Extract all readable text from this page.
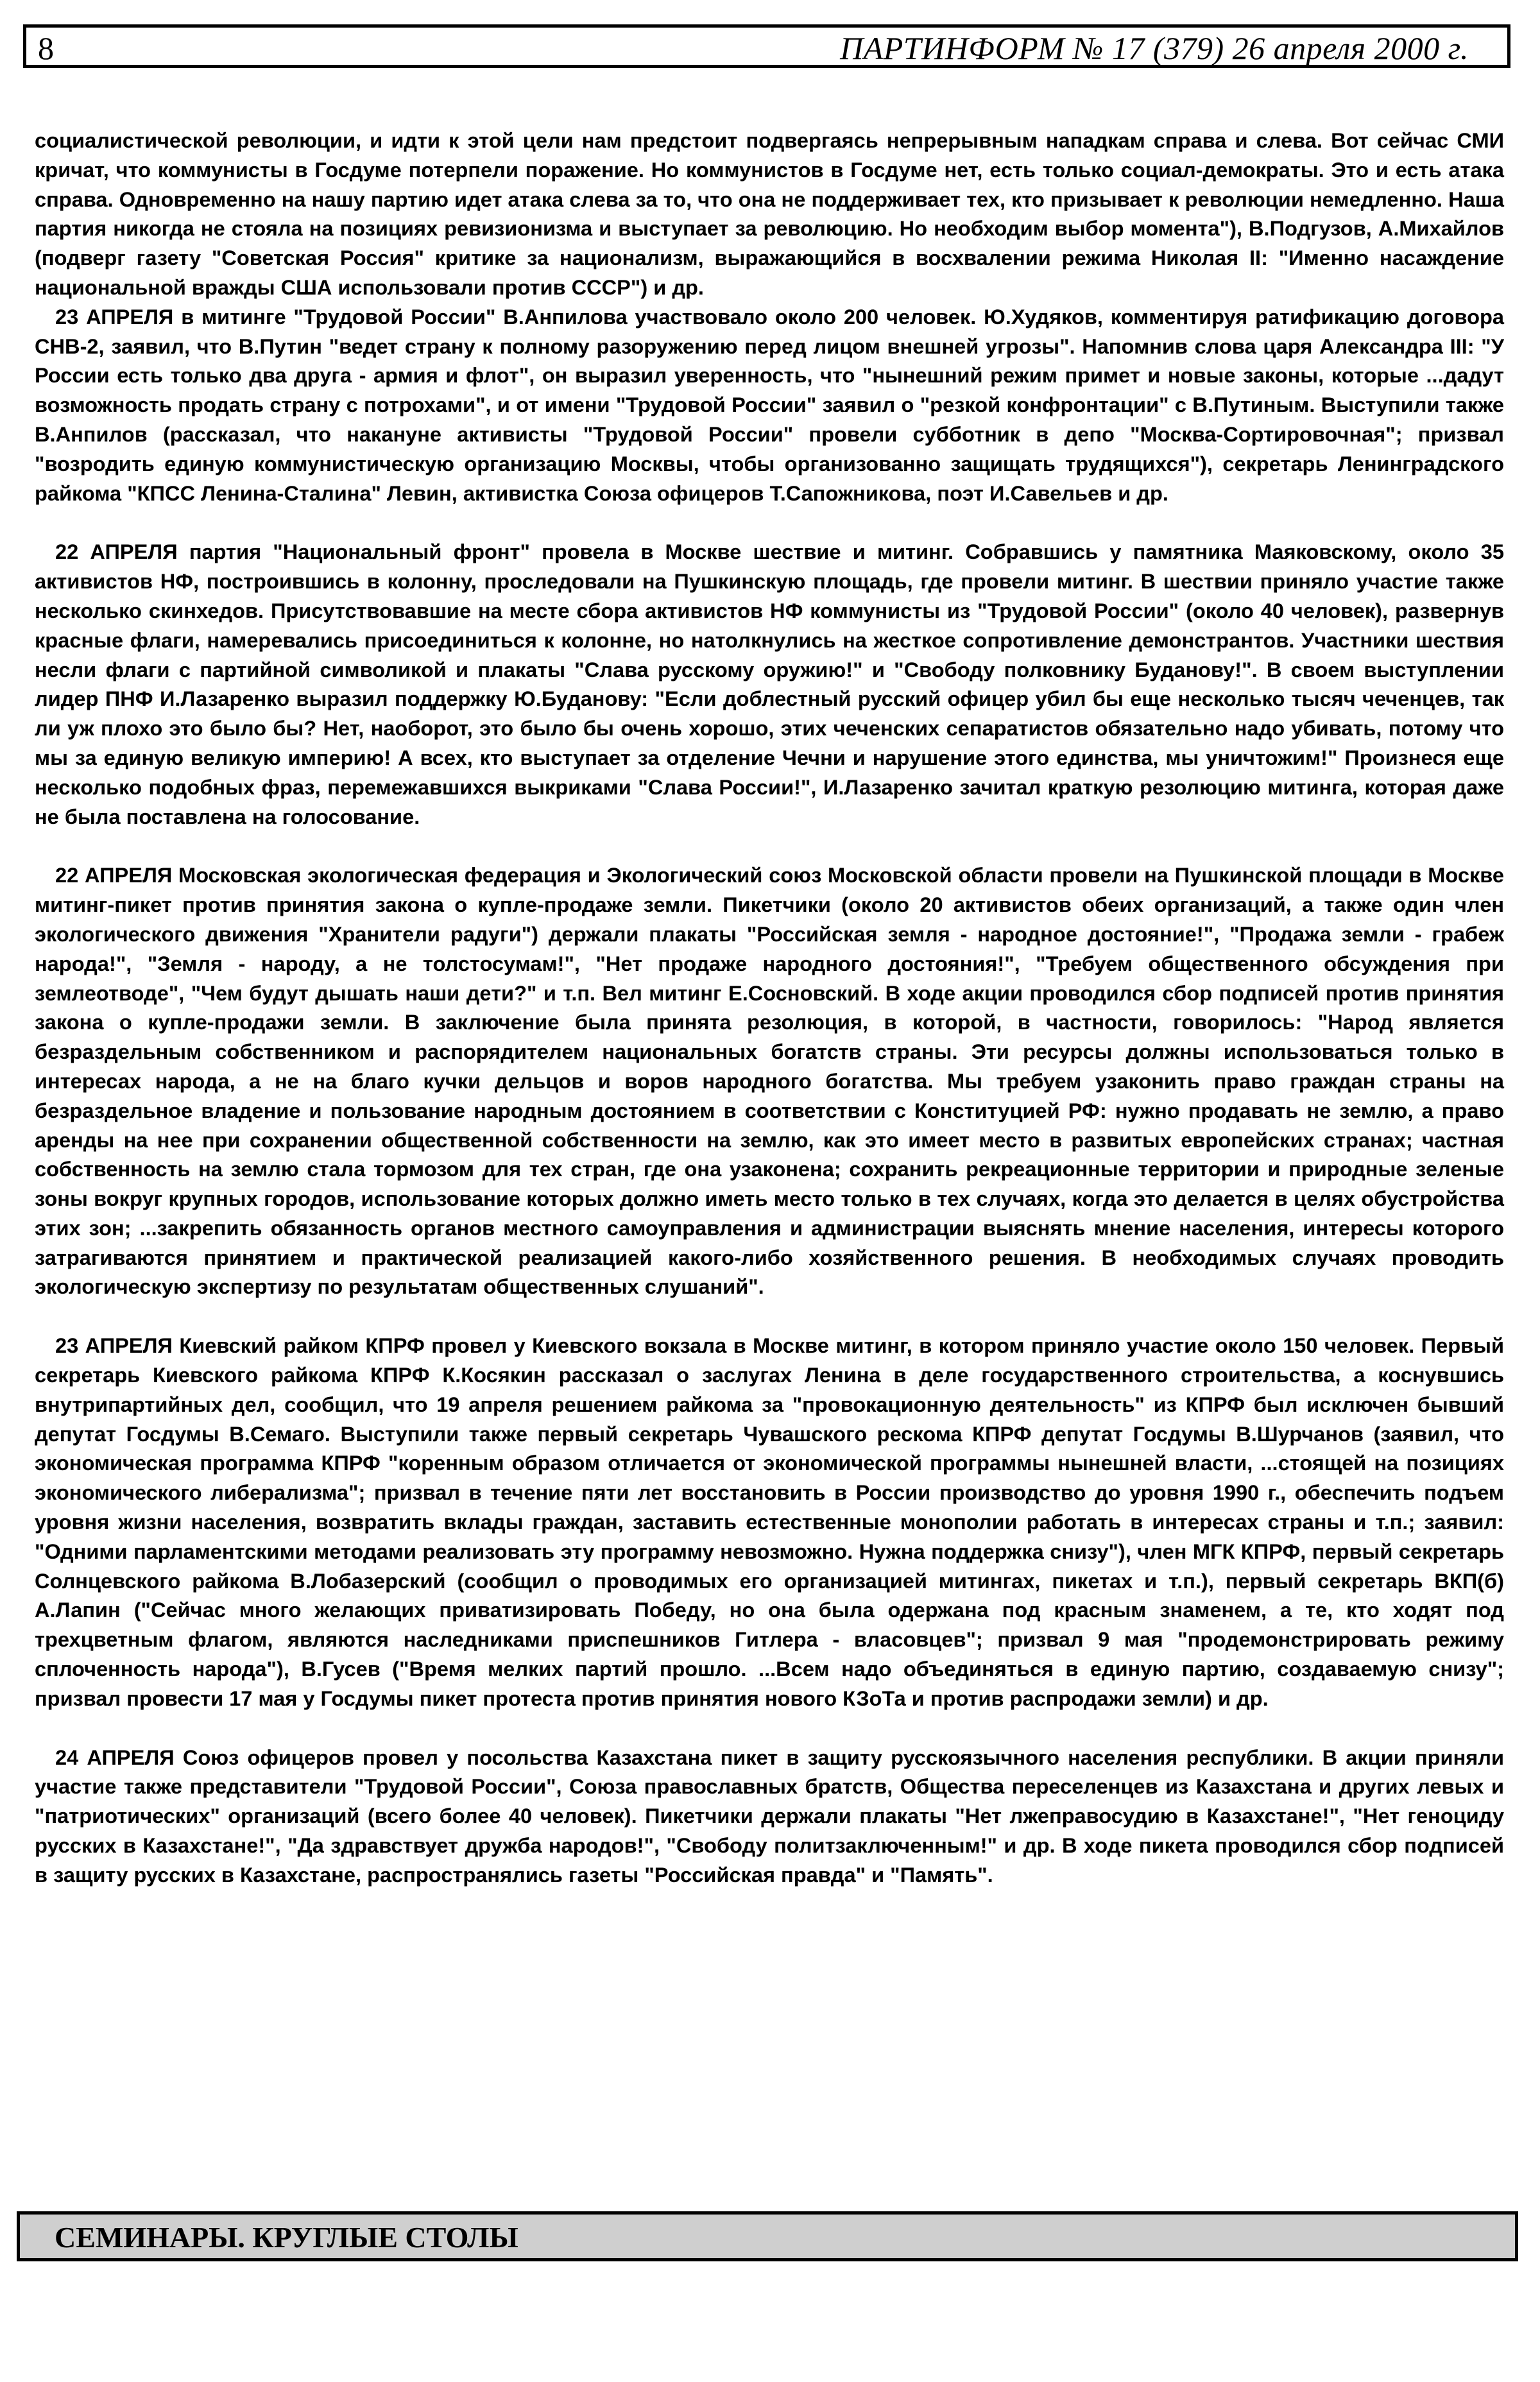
8	ПАРТИНФОРМ № 17 (379) 26 апреля 2000 г.

социалистической революции, и идти к этой цели нам предстоит подвергаясь непрерывным нападкам справа и слева. Вот сейчас СМИ кричат, что коммунисты в Госдуме потерпели поражение. Но коммунистов в Госдуме нет, есть только социал-демократы. Это и есть атака справа. Одновременно на нашу партию идет атака слева за то, что она не поддерживает тех, кто призывает к революции немедленно. Наша партия никогда не стояла на позициях ревизионизма и выступает за революцию. Но необходим выбор момента"), В.Подгузов, А.Михайлов (подверг газету "Советская Россия" критике за национализм, выражающийся в восхвалении режима Николая II: "Именно насаждение национальной вражды США использовали против СССР") и др.

23 АПРЕЛЯ в митинге "Трудовой России" В.Анпилова участвовало около 200 человек. Ю.Худяков, комментируя ратификацию договора СНВ-2, заявил, что В.Путин "ведет страну к полному разоружению перед лицом внешней угрозы". Напомнив слова царя Александра III: "У России есть только два друга - армия и флот", он выразил уверенность, что "нынешний режим примет и новые законы, которые ...дадут возможность продать страну с потрохами", и от имени "Трудовой России" заявил о "резкой конфронтации" с В.Путиным. Выступили также В.Анпилов (рассказал, что накануне активисты "Трудовой России" провели субботник в депо "Москва-Сортировочная"; призвал "возродить единую коммунистическую организацию Москвы, чтобы организованно защищать трудящихся"), секретарь Ленинградского райкома "КПСС Ленина-Сталина" Левин, активистка Союза офицеров Т.Сапожникова, поэт И.Савельев и др.

22 АПРЕЛЯ партия "Национальный фронт" провела в Москве шествие и митинг. Собравшись у памятника Маяковскому, около 35 активистов НФ, построившись в колонну, проследовали на Пушкинскую площадь, где провели митинг. В шествии приняло участие также несколько скинхедов. Присутствовавшие на месте сбора активистов НФ коммунисты из "Трудовой России" (около 40 человек), развернув красные флаги, намеревались присоединиться к колонне, но натолкнулись на жесткое сопротивление демонстрантов. Участники шествия несли флаги с партийной символикой и плакаты "Слава русскому оружию!" и "Свободу полковнику Буданову!". В своем выступлении лидер ПНФ И.Лазаренко выразил поддержку Ю.Буданову: "Если доблестный русский офицер убил бы еще несколько тысяч чеченцев, так ли уж плохо это было бы? Нет, наоборот, это было бы очень хорошо, этих чеченских сепаратистов обязательно надо убивать, потому что мы за единую великую империю! А всех, кто выступает за отделение Чечни и нарушение этого единства, мы уничтожим!" Произнеся еще несколько подобных фраз, перемежавшихся выкриками "Слава России!", И.Лазаренко зачитал краткую резолюцию митинга, которая даже не была поставлена на голосование.

22 АПРЕЛЯ Московская экологическая федерация и Экологический союз Московской области провели на Пушкинской площади в Москве митинг-пикет против принятия закона о купле-продаже земли. Пикетчики (около 20 активистов обеих организаций, а также один член экологического движения "Хранители радуги") держали плакаты "Российская земля - народное достояние!", "Продажа земли - грабеж народа!", "Земля - народу, а не толстосумам!", "Нет продаже народного достояния!", "Требуем общественного обсуждения при землеотводе", "Чем будут дышать наши дети?" и т.п. Вел митинг Е.Сосновский. В ходе акции проводился сбор подписей против принятия закона о купле-продажи земли. В заключение была принята резолюция, в которой, в частности, говорилось: "Народ является безраздельным собственником и распорядителем национальных богатств страны. Эти ресурсы должны использоваться только в интересах народа, а не на благо кучки дельцов и воров народного богатства. Мы требуем узаконить право граждан страны на безраздельное владение и пользование народным достоянием в соответствии с Конституцией РФ: нужно продавать не землю, а право аренды на нее при сохранении общественной собственности на землю, как это имеет место в развитых европейских странах; частная собственность на землю стала тормозом для тех стран, где она узаконена; сохранить рекреационные территории и природные зеленые зоны вокруг крупных городов, использование которых должно иметь место только в тех случаях, когда это делается в целях обустройства этих зон; ...закрепить обязанность органов местного самоуправления и администрации выяснять мнение населения, интересы которого затрагиваются принятием и практической реализацией какого-либо хозяйственного решения. В необходимых случаях проводить экологическую экспертизу по результатам общественных слушаний".

23 АПРЕЛЯ Киевский райком КПРФ провел у Киевского вокзала в Москве митинг, в котором приняло участие около 150 человек. Первый секретарь Киевского райкома КПРФ К.Косякин рассказал о заслугах Ленина в деле государственного строительства, а коснувшись внутрипартийных дел, сообщил, что 19 апреля решением райкома за "провокационную деятельность" из КПРФ был исключен бывший депутат Госдумы В.Семаго. Выступили также первый секретарь Чувашского рескома КПРФ депутат Госдумы В.Шурчанов (заявил, что экономическая программа КПРФ "коренным образом отличается от экономической программы нынешней власти, ...стоящей на позициях экономического либерализма"; призвал в течение пяти лет восстановить в России производство до уровня 1990 г., обеспечить подъем уровня жизни населения, возвратить вклады граждан, заставить естественные монополии работать в интересах страны и т.п.; заявил: "Одними парламентскими методами реализовать эту программу невозможно. Нужна поддержка снизу"), член МГК КПРФ, первый секретарь Солнцевского райкома В.Лобазерский (сообщил о проводимых его организацией митингах, пикетах и т.п.), первый секретарь ВКП(б) А.Лапин ("Сейчас много желающих приватизировать Победу, но она была одержана под красным знаменем, а те, кто ходят под трехцветным флагом, являются наследниками приспешников Гитлера - власовцев"; призвал 9 мая "продемонстрировать режиму сплоченность народа"), В.Гусев ("Время мелких партий прошло. ...Всем надо объединяться в единую партию, создаваемую снизу"; призвал провести 17 мая у Госдумы пикет протеста против принятия нового КЗоТа и против распродажи земли) и др.

24 АПРЕЛЯ Союз офицеров провел у посольства Казахстана пикет в защиту русскоязычного населения республики. В акции приняли участие также представители "Трудовой России", Союза православных братств, Общества переселенцев из Казахстана и других левых и "патриотических" организаций (всего более 40 человек). Пикетчики держали плакаты "Нет лжеправосудию в Казахстане!", "Нет геноциду русских в Казахстане!", "Да здравствует дружба народов!", "Свободу политзаключенным!" и др. В ходе пикета проводился сбор подписей в защиту русских в Казахстане, распространялись газеты "Российская правда" и "Память".

СЕМИНАРЫ. КРУГЛЫЕ СТОЛЫ
